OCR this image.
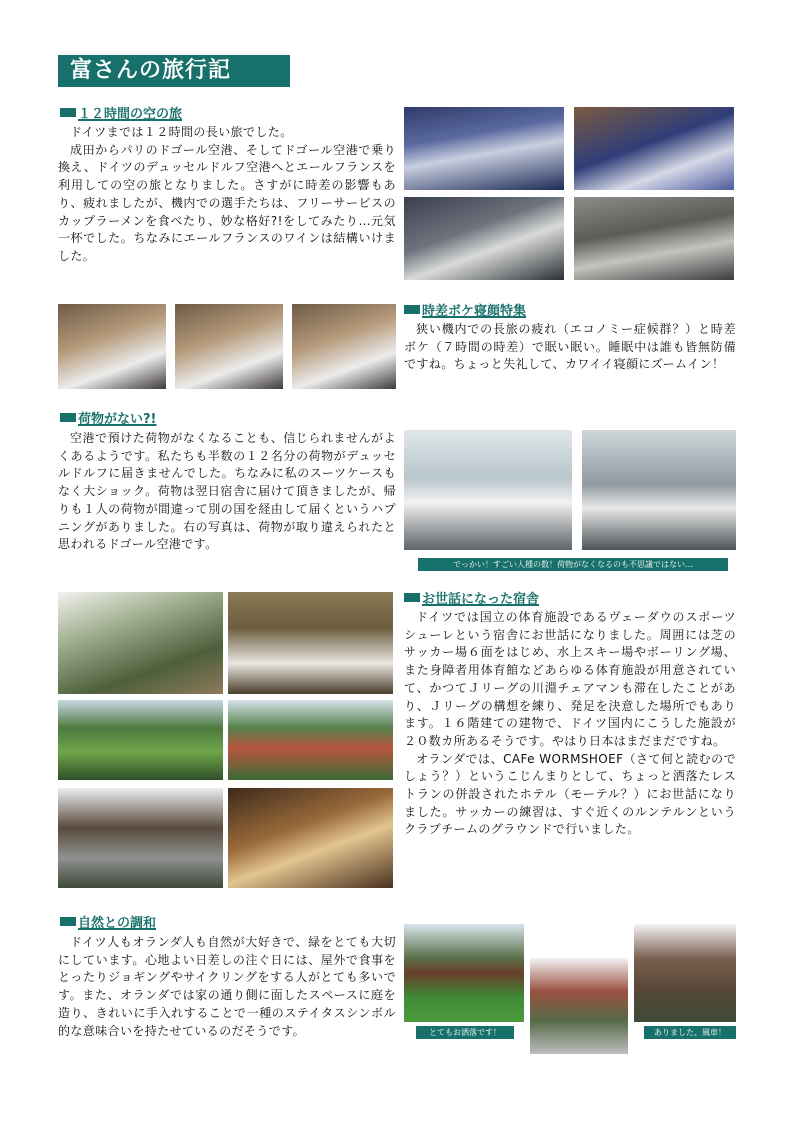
富さんの旅行記
１２時間の空の旅

ドイツまでは１２時間の長い旅でした。

成田からパリのドゴール空港、そしてドゴール空港で乗り換え、ドイツのデュッセルドルフ空港へとエールフランスを利用しての空の旅となりました。さすがに時差の影響もあり、疲れましたが、機内での選手たちは、フリーサービスのカップラーメンを食べたり、妙な格好?!をしてみたり…元気一杯でした。ちなみにエールフランスのワインは結構いけました。

時差ボケ寝顔特集

狭い機内での長旅の疲れ（エコノミー症候群？）と時差ボケ（７時間の時差）で眠い眠い。睡眠中は誰も皆無防備ですね。ちょっと失礼して、カワイイ寝顔にズームイン！

荷物がない?!

空港で預けた荷物がなくなることも、信じられませんがよくあるようです。私たちも半数の１２名分の荷物がデュッセルドルフに届きませんでした。ちなみに私のスーツケースもなく大ショック。荷物は翌日宿舎に届けて頂きましたが、帰りも１人の荷物が間違って別の国を経由して届くというハプニングがありました。右の写真は、荷物が取り違えられたと思われるドゴール空港です。

でっかい！すごい人種の数！荷物がなくなるのも不思議ではない…
お世話になった宿舎

ドイツでは国立の体育施設であるヴェーダウのスポーツシューレという宿舎にお世話になりました。周囲には芝のサッカー場６面をはじめ、水上スキー場やボーリング場、また身障者用体育館などあらゆる体育施設が用意されていて、かつてＪリーグの川淵チェアマンも滞在したことがあり、Ｊリーグの構想を練り、発足を決意した場所でもあります。１６階建ての建物で、ドイツ国内にこうした施設が２０数カ所あるそうです。やはり日本はまだまだですね。

オランダでは、CAFe WORMSHOEF（さて何と読むのでしょう？）というこじんまりとして、ちょっと洒落たレストランの併設されたホテル（モーテル？）にお世話になりました。サッカーの練習は、すぐ近くのルンテルンというクラブチームのグラウンドで行いました。

自然との調和

ドイツ人もオランダ人も自然が大好きで、緑をとても大切にしています。心地よい日差しの注ぐ日には、屋外で食事をとったりジョギングやサイクリングをする人がとても多いです。また、オランダでは家の通り側に面したスペースに庭を造り、きれいに手入れすることで一種のステイタスシンボル的な意味合いを持たせているのだそうです。	とてもお洒落です！	ありました、風車！
